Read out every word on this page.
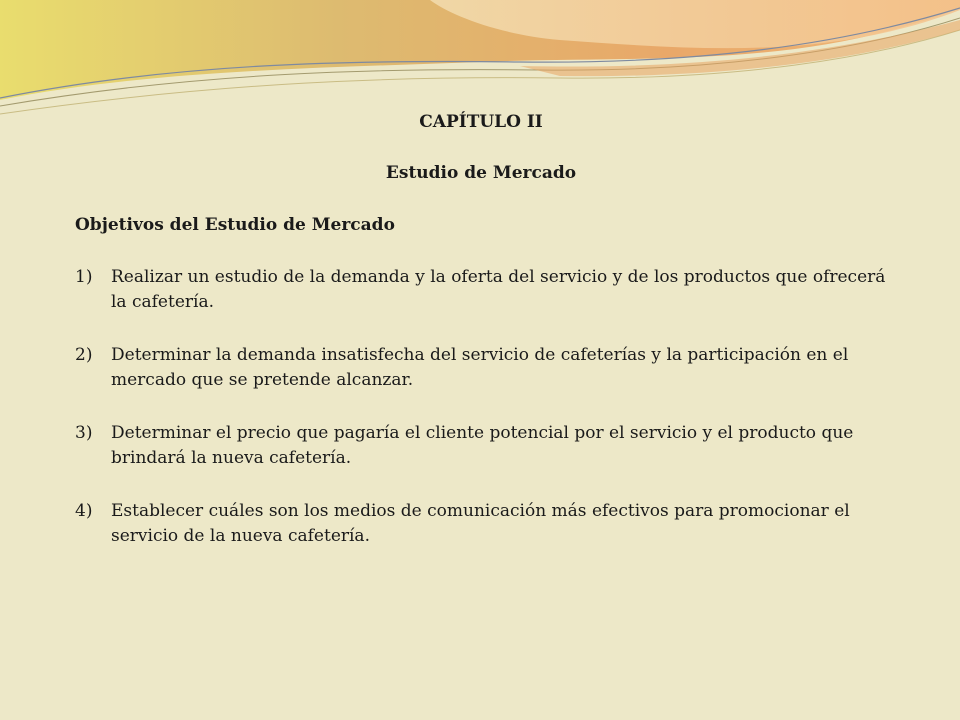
CAPÍTULO II

Estudio de Mercado

Objetivos del Estudio de Mercado

1) Realizar un estudio de la demanda y la oferta del servicio y de los productos que ofrecerá la cafetería.
2) Determinar la demanda insatisfecha del servicio de cafeterías y la participación en el mercado que se pretende alcanzar.
3) Determinar el precio que pagaría el cliente potencial por el servicio y el producto que brindará la nueva cafetería.
4) Establecer cuáles son los medios de comunicación más efectivos para promocionar el servicio de la nueva cafetería.
